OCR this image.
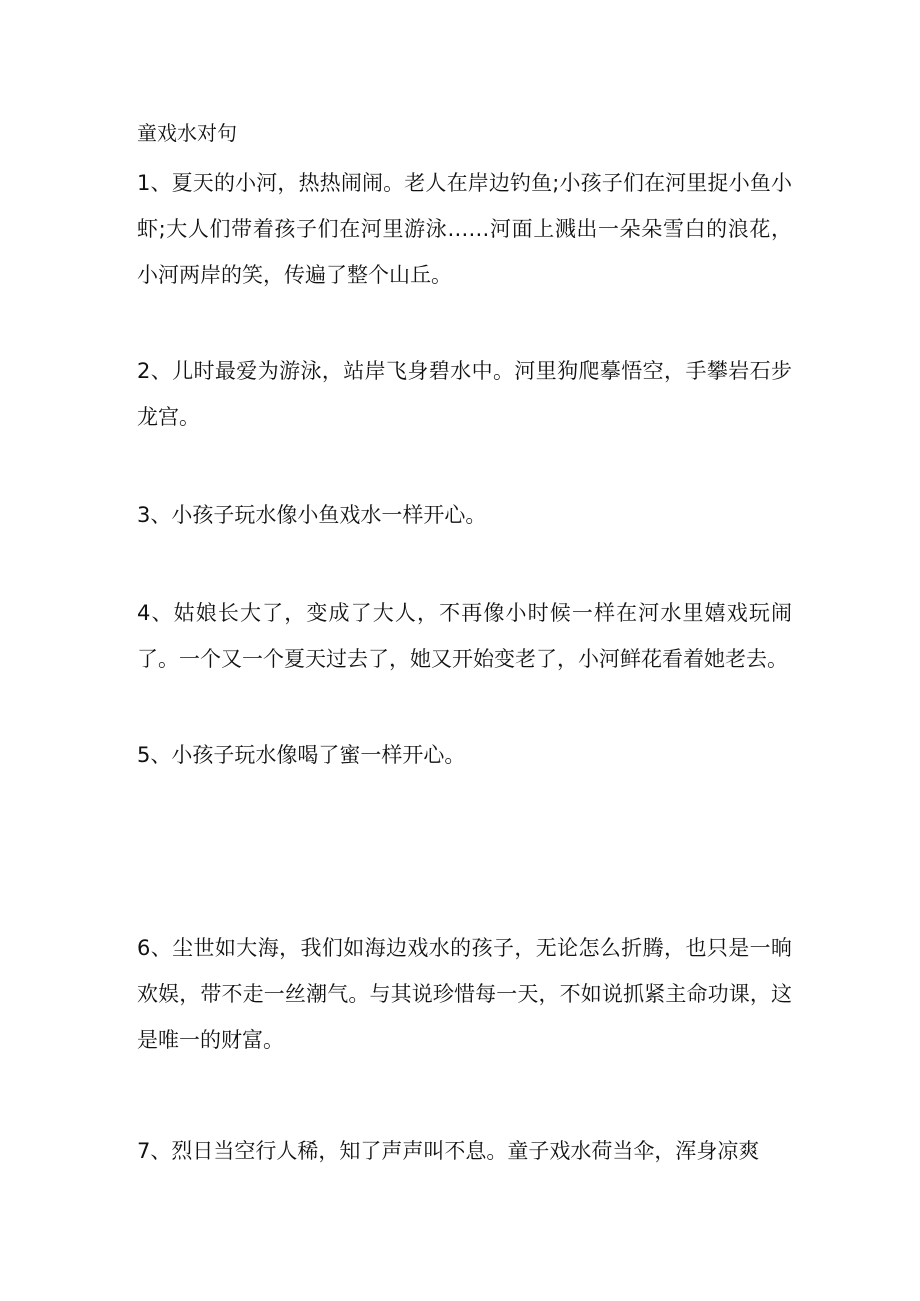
童戏水对句
1、夏天的小河，热热闹闹。老人在岸边钓鱼;小孩子们在河里捉小鱼小虾;大人们带着孩子们在河里游泳……河面上溅出一朵朵雪白的浪花，小河两岸的笑，传遍了整个山丘。
2、儿时最爱为游泳，站岸飞身碧水中。河里狗爬摹悟空，手攀岩石步龙宫。
3、小孩子玩水像小鱼戏水一样开心。
4、姑娘长大了，变成了大人，不再像小时候一样在河水里嬉戏玩闹了。一个又一个夏天过去了，她又开始变老了，小河鲜花看着她老去。
5、小孩子玩水像喝了蜜一样开心。
6、尘世如大海，我们如海边戏水的孩子，无论怎么折腾，也只是一晌欢娱，带不走一丝潮气。与其说珍惜每一天，不如说抓紧主命功课，这是唯一的财富。
7、烈日当空行人稀，知了声声叫不息。童子戏水荷当伞，浑身凉爽
